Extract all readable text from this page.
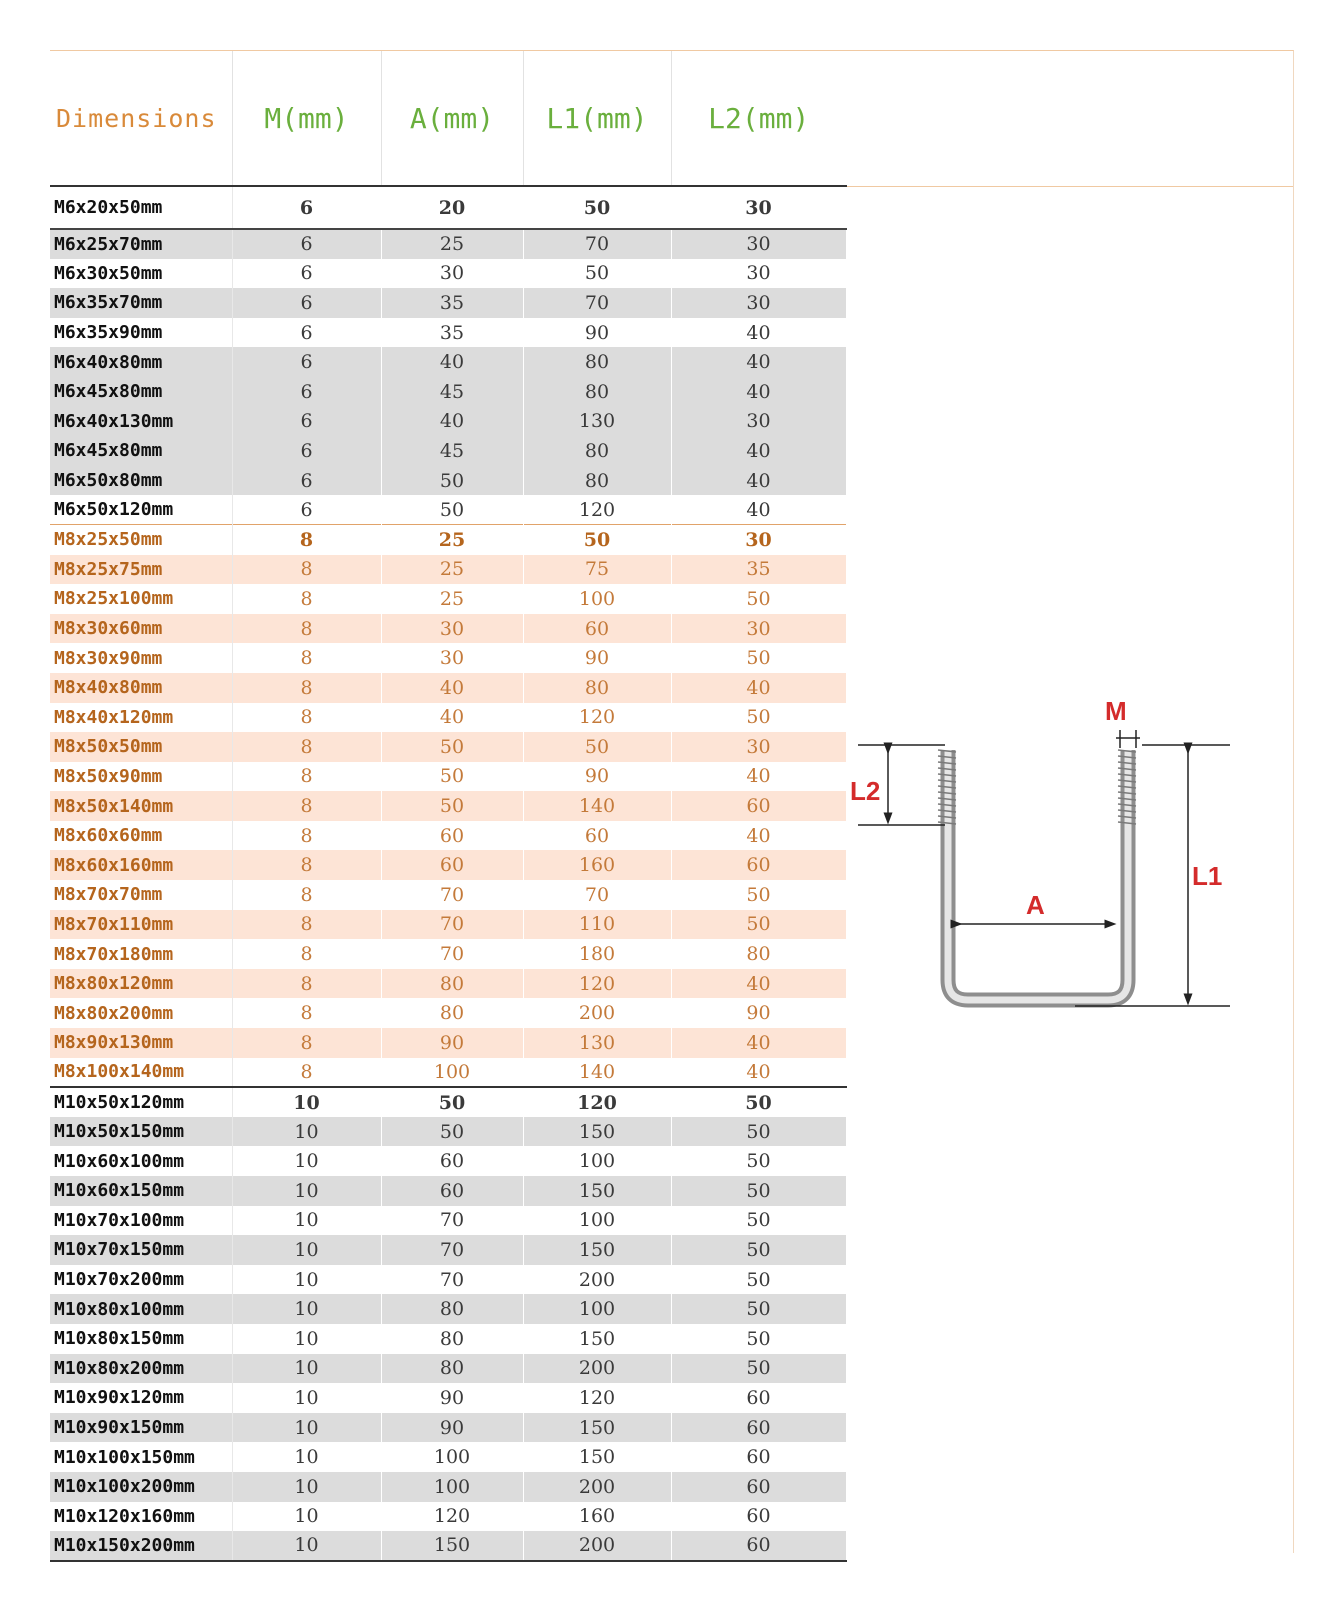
Dimensions	M(mm)	A(mm)	L1(mm)	L2(mm)
M6x20x50mm	6	20	50	30
M6x25x70mm	6	25	70	30
M6x30x50mm	6	30	50	30
M6x35x70mm	6	35	70	30
M6x35x90mm	6	35	90	40
M6x40x80mm	6	40	80	40
M6x45x80mm	6	45	80	40
M6x40x130mm	6	40	130	30
M6x45x80mm	6	45	80	40
M6x50x80mm	6	50	80	40
M6x50x120mm	6	50	120	40
M8x25x50mm	8	25	50	30
M8x25x75mm	8	25	75	35
M8x25x100mm	8	25	100	50
M8x30x60mm	8	30	60	30
M8x30x90mm	8	30	90	50
M8x40x80mm	8	40	80	40
M8x40x120mm	8	40	120	50
M8x50x50mm	8	50	50	30
M8x50x90mm	8	50	90	40
M8x50x140mm	8	50	140	60
M8x60x60mm	8	60	60	40
M8x60x160mm	8	60	160	60
M8x70x70mm	8	70	70	50
M8x70x110mm	8	70	110	50
M8x70x180mm	8	70	180	80
M8x80x120mm	8	80	120	40
M8x80x200mm	8	80	200	90
M8x90x130mm	8	90	130	40
M8x100x140mm	8	100	140	40
M10x50x120mm	10	50	120	50
M10x50x150mm	10	50	150	50
M10x60x100mm	10	60	100	50
M10x60x150mm	10	60	150	50
M10x70x100mm	10	70	100	50
M10x70x150mm	10	70	150	50
M10x70x200mm	10	70	200	50
M10x80x100mm	10	80	100	50
M10x80x150mm	10	80	150	50
M10x80x200mm	10	80	200	50
M10x90x120mm	10	90	120	60
M10x90x150mm	10	90	150	60
M10x100x150mm	10	100	150	60
M10x100x200mm	10	100	200	60
M10x120x160mm	10	120	160	60
M10x150x200mm	10	150	200	60
M
L2
A
L1
